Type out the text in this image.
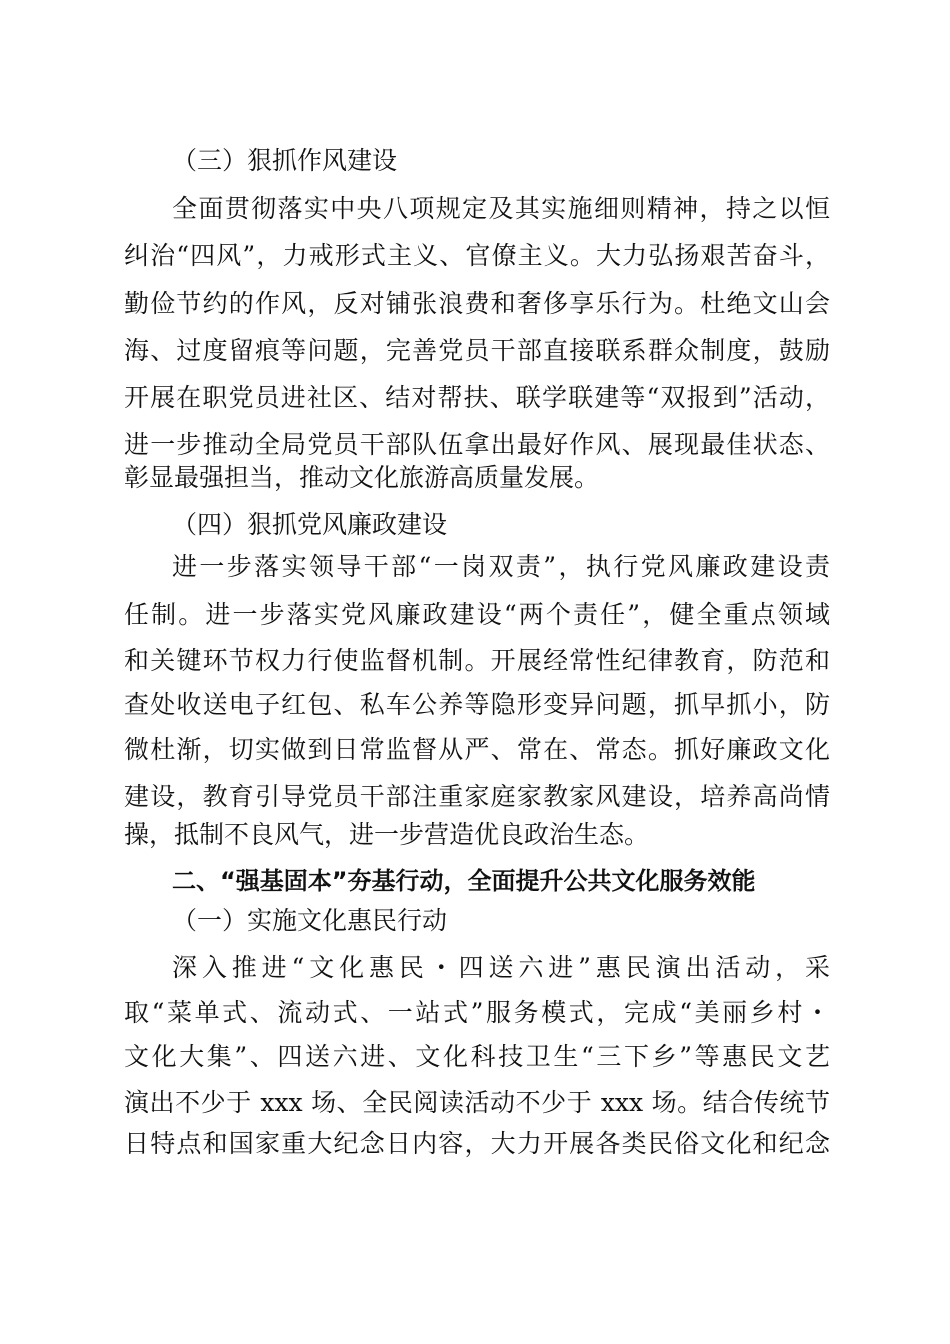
（三）狠抓作风建设
全面贯彻落实中央八项规定及其实施细则精神，持之以恒
纠治“四风”，力戒形式主义、官僚主义。大力弘扬艰苦奋斗，
勤俭节约的作风，反对铺张浪费和奢侈享乐行为。杜绝文山会
海、过度留痕等问题，完善党员干部直接联系群众制度，鼓励
开展在职党员进社区、结对帮扶、联学联建等“双报到”活动，
进一步推动全局党员干部队伍拿出最好作风、展现最佳状态、
彰显最强担当，推动文化旅游高质量发展。
（四）狠抓党风廉政建设
进一步落实领导干部“一岗双责”，执行党风廉政建设责
任制。进一步落实党风廉政建设“两个责任”，健全重点领域
和关键环节权力行使监督机制。开展经常性纪律教育，防范和
查处收送电子红包、私车公养等隐形变异问题，抓早抓小，防
微杜渐，切实做到日常监督从严、常在、常态。抓好廉政文化
建设，教育引导党员干部注重家庭家教家风建设，培养高尚情
操，抵制不良风气，进一步营造优良政治生态。
二、“强基固本”夯基行动，全面提升公共文化服务效能
（一）实施文化惠民行动
深入推进“文化惠民・四送六进”惠民演出活动，采
取“菜单式、流动式、一站式”服务模式，完成“美丽乡村・
文化大集”、四送六进、文化科技卫生“三下乡”等惠民文艺
演出不少于 xxx 场、全民阅读活动不少于 xxx 场。结合传统节
日特点和国家重大纪念日内容，大力开展各类民俗文化和纪念
